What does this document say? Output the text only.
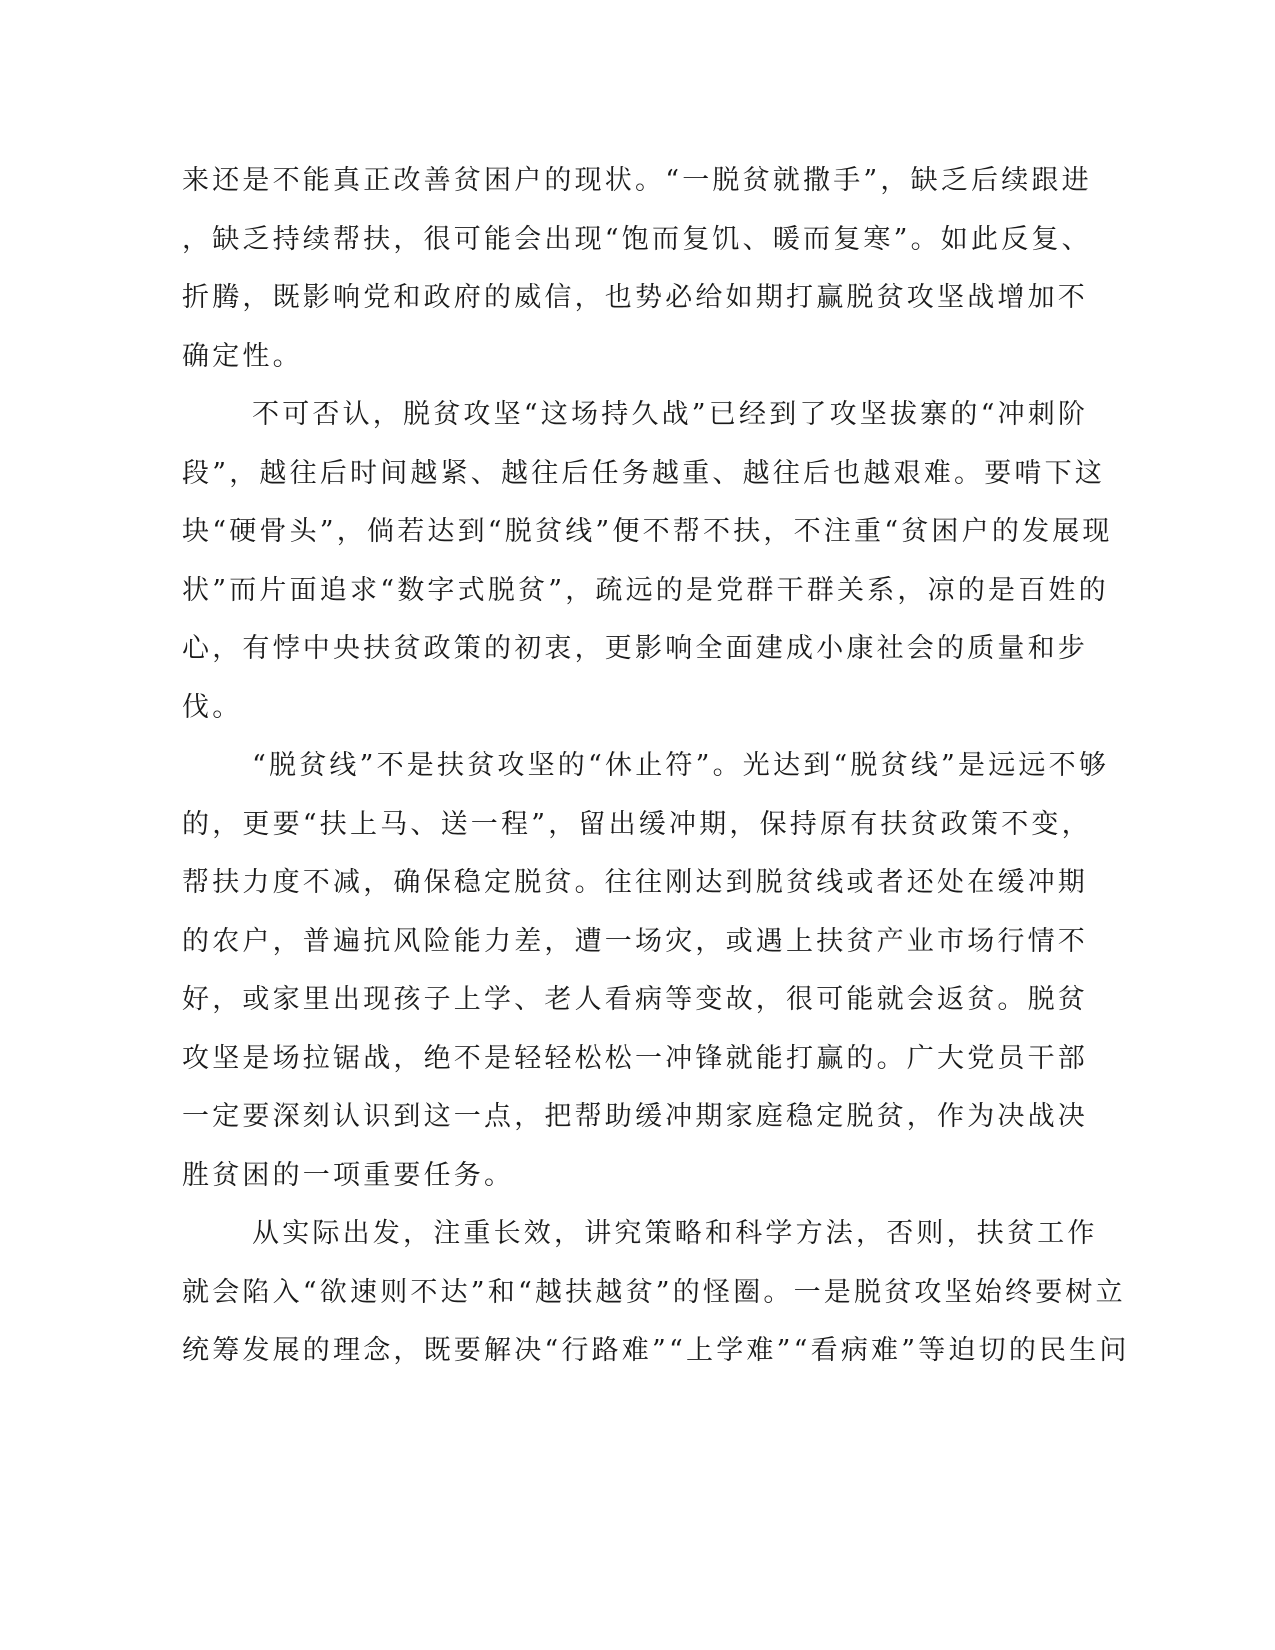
来还是不能真正改善贫困户的现状。“一脱贫就撒手”，缺乏后续跟进
，缺乏持续帮扶，很可能会出现“饱而复饥、暖而复寒”。如此反复、
折腾，既影响党和政府的威信，也势必给如期打赢脱贫攻坚战增加不
确定性。
不可否认，脱贫攻坚“这场持久战”已经到了攻坚拔寨的“冲刺阶
段”，越往后时间越紧、越往后任务越重、越往后也越艰难。要啃下这
块“硬骨头”，倘若达到“脱贫线”便不帮不扶，不注重“贫困户的发展现
状”而片面追求“数字式脱贫”，疏远的是党群干群关系，凉的是百姓的
心，有悖中央扶贫政策的初衷，更影响全面建成小康社会的质量和步
伐。
“脱贫线”不是扶贫攻坚的“休止符”。光达到“脱贫线”是远远不够
的，更要“扶上马、送一程”，留出缓冲期，保持原有扶贫政策不变，
帮扶力度不减，确保稳定脱贫。往往刚达到脱贫线或者还处在缓冲期
的农户，普遍抗风险能力差，遭一场灾，或遇上扶贫产业市场行情不
好，或家里出现孩子上学、老人看病等变故，很可能就会返贫。脱贫
攻坚是场拉锯战，绝不是轻轻松松一冲锋就能打赢的。广大党员干部
一定要深刻认识到这一点，把帮助缓冲期家庭稳定脱贫，作为决战决
胜贫困的一项重要任务。
从实际出发，注重长效，讲究策略和科学方法，否则，扶贫工作
就会陷入“欲速则不达”和“越扶越贫”的怪圈。一是脱贫攻坚始终要树立
统筹发展的理念，既要解决“行路难”“上学难”“看病难”等迫切的民生问
